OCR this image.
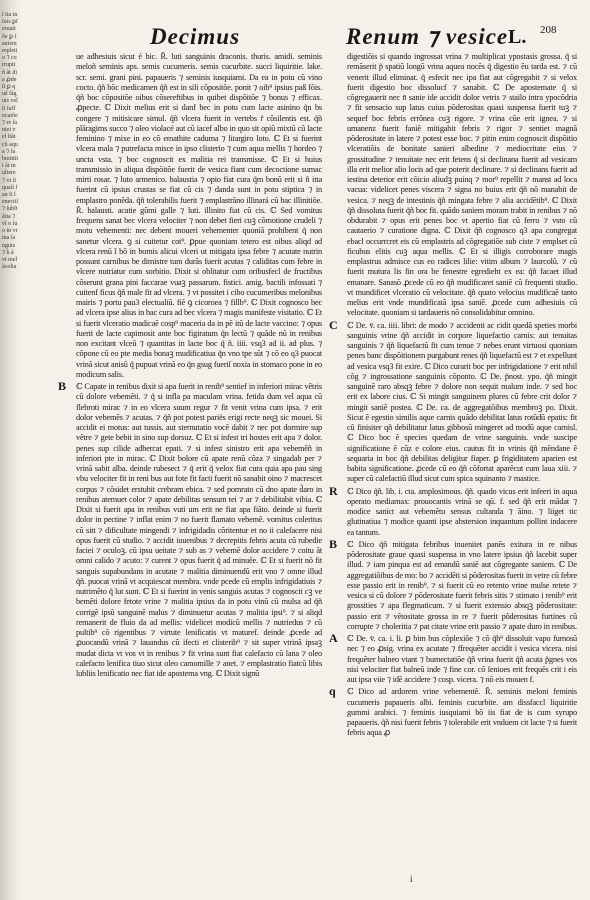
ſ ita in ſuis ꝑſeruatiõe ꝑ ſaniem repletio ⁊ corrupti ñ ãt dia ꝓdeſt ꝑ quẽ ſãguis vel ſi ſuffocatõe ⁊ re ſaniei vel ſtãt cũ aqua ⁊ ſubmittit i ãt muliere ⁊ vt ſi quaſi ſan ſi ſenectiſ ⁊ ſubſtãtia ⁊ vl o ſuo in vrina ſanguis ⁊ h ã vt melãcolia
Decimus	Renum ⁊ vesice L. 208
ue adhesiuis sicut é bic. R̃. luti sanguinis draconis. thuris. amidi. seminis meloñ seminis aps. semis cucumeris. semis cucurbite. succi liquiritie. lake. scr. semi. grani pini. papaueris ⁊ seminis iusquiami. Da ea in potu cũ vino cocto. q̃ñ bõc medicamen q̃ñ est in sili cõpositõe. ponit ⁊ oib⁹ ipsius paß fõis. q̃ñ boc cõpositõe oibus cõsereftibus in quibet dispõitõe ⁊ bonus ⁊ efficax. ꝓpecte. ℂ Dixit melius erit si danf bec in potu cum lacte asinino q̃n bs congere ⁊ mitisicare simul. q̃ñ vlcera fuerit in vertebs r̃ cõsilentis est. q̃ñ plãragims succo ⁊ oleo violacé aut cũ iacef albo in quo sit opiũ mixtũ cũ lacte feminino ⁊ mixe in eo cõ emathite caduma ⁊ litargiro loto. ℂ Et si fuerint vlcera mala ⁊ putrefacta misce in ipso clisterio ⁊ cum aqua mellis ⁊ hordeo ⁊ uncta vsta. ⁊ boc cognoscit ex malitia rei transmisse. ℂ Et si huius transmissio in aliqua dispõitõe fuerit de vesica fiant cum decoctione sumac mirti rosar. ⁊ luto armenico. balaustia ⁊ opio fiat cura q̃m bonũ erit si ñ itta fuerint cũ ipsius crustas se fiat cũ cis ⁊ danda sunt in potu stiptica ⁊ in emplastro ponẽda. q̃ñ tolerabilis fuerit ⁊ emplastrãno illinará cũ bac illinitiõe. R̃. balausti. acatie gũmi galle ⁊ luti. illinito fiat cũ cis. ℂ Sed vomitus frequens sanat bec vlcera velociter ⁊ non debet fieri cuꝫ cõmotione crudeli ⁊ motu vehementi: nec debent moueri vehementer quoniã prohibent q̃ non sanetur vlcera. ꝯ si cuitetur cot⁹. ꝑpue quoniam tetero est oibus aliqd ad vlcera renũ ĩ bõ in bomis alicui vlceri ut mitigata ipsa febre ⁊ acutate nutrin possunt carnibus be dimistre tum durãs fuerit acutas ⁊ caliditas cum febre in vlcere nutriatur cum sorbitio. Dixit si oblitatur cum oribusfecl de fructibus cõserunt grana pini faccarae vuaꝫ passarum. fistici. amig. bactili infossati ⁊ cuitenf ficus q̃ñ male fit ad vlcera. ⁊ vt possitet i cibo cucumeribus melonibus mairis ⁊ portu pau3 electualiũ. fiẽ ꝯ cicoroea ⁊ fillb⁹. ℂ Dixit cognosco bec ad vlcera ipse alius in bac cura ad bec vlcera ⁊ magis manifeste visitatio. ℂ Et si fuerit vlceratio madicaẽ cosp⁹ maceria da in pẽ itũ de lacte vaccino: ⁊ opus fuerit de lacte capimosit ante boc figiratum q̃n lectũ ⁊ quãde nũ in renibus non excitant vlceũ ⁊ quantitas in lacte boc q̃ ñ. iiii. vsq3 ad ii. ad plus. ⁊ cõpone cũ eo pte media bonaꝫ mudificatiua q̃n vno tpe sũt ⁊ cõ eo q3 puocat vrinã sicut anisũ q̃ pupuat vrinã eo q̃n gsug fueriſ noxia in stomaco pone in eo modicum salis.
B ℂ Capate in renibus dixit si apa fuerit in renib⁹ sentief in inferiori mirac vêtris cũ dolore vebemẽti. ⁊ q̃ si infla pa maculam vrina. fetida dum vel aqua cũ flebroti mirac ⁊ in eo vlcera suum regur ⁊ fit venit vrina cum ipsa. ⁊ erit dolor vebemẽs ⁊ acutas. ⁊ q̃ñ pot potest pariës erigi recte neqꝫ sic mouei. Si accidit ei motus: aut tussis. aut sternutatio vocẽ dabit ⁊ nec pot dormire sup vêtre ⁊ gete bebit in sino sup dorsuz. ℂ Et si infest tri hostes erit apa ⁊ dolor. penes sup cilide adbercat epati. ⁊ si infest sinistro erit apa vebemẽñ in inferiori pte in mirac. ℂ Dixit bolore cũ apate renũ cõza ⁊ singadab per ⁊ vrinã sabit alba. deinde rubesect ⁊ q̃ erit q̃ velox fiat cura quia apa pau sing vbu velociter fit in reni bus aut fote fit facti fuerit nõ sanabit oino ⁊ macrescet corpus ⁊ cõsidet erstubit crebram ebica. ⁊ sed pomrato cũ dno apate d̃aro in renibus atemuet color ⁊ apate debilitas sensum tei ⁊ ar ⁊ debilitabit vibia. ℂ Dixit si fuerit apa in renibus vuti um erit ne fiat apa fiãto. deinde si fuerit dolor in pectine ⁊ inflat enim ⁊ no fuerit flamato vebemẽ. vomitus coleritus cũ sitt ⁊ dificultate mingendi ⁊ infrigidadis cõritentur et no ii calefacere nisi opus fuerit cũ studio. ⁊ accidit iuuenibus ⁊ decrepitis febris acuta cũ rubedie faciei ⁊ oculoꝫ. cũ ipsu ueitate ⁊ sub as ⁊ vebemẽ dolor accidere ⁊ coitu ãt omni calido ⁊ acuto: ⁊ curent ⁊ opus fuerit q̃ ad minuẽe. ℂ Et si fuerit nõ fit sanguis supabundans in acutate ⁊ malitia diminuendũ erit vno ⁊ omne illud q̃ñ. puocat vrinã vt acquiescat membra. vnde pcede cũ emplis infrigidatiuis ⁊ nutrimẽto q̃ lut sunt. ℂ Et si fuerint in venis sanguis acutas ⁊ cognoscit cꝫ ve bemẽti dolore fetote vrine ⁊ malitia ipsius da in potu vinũ cũ mulsa ad q̃ñ corrigẽ ipsũ sanguinẽ malus ⁊ diminuetur acutas ⁊ malitia ipsi⁹. ⁊ si aliqd remanerit de fluio da ad mellis: videlicet modicũ mellis ⁊ nutriedus ⁊ cũ pultib⁹ cõ rigentibus ⁊ virtute lenificatis vt maturef. deinde ꝓcede ad ꝓuocandũ vrinã ⁊ lauandus cũ ifecti et clisterib⁹ ⁊ sit super vtrinã ipsaꝫ mudat dicta vt vos vt in renibus ⁊ fit vrina sunt fiat calefacto cũ lana ⁊ oleo calefacto lenifica tiuo sicut oleo camomille ⁊ anet. ⁊ emplastratio fiatcũ libis lubliis lenificatio nec fiat ide apostema vng. ℂ Dixit signũ
digestiõis si quando ingrossat vrina ⁊ multiplicat ypostasis grossa. q̃ si remãserit p̃ spatiũ longũ vrina aquea nocẽs q̃ digestio ẽu tarda est. ⁊ cũ venerit illud eliminat. q̃ esfecit nec ipa fiat aut cõgregabit ⁊ si velox fuerit digestio boc dissolucf ⁊ sanabit. ℂ De apostemate q̃ si cõgregauerit nec n̄ sanie ide accidit dolor vetris ⁊ stailo intra ypocõdria ⁊ fit sensacio sup latus cuius põderositas quasi suspensa fuerit tuꝫ ⁊ sequef boc febris errõnea cuꝫ rigore. ⁊ vrina cũe erit ignea. ⁊ si umanenz fuerit faniẽ mitigabit febris ⁊ rigor ⁊ sentiet magnã põderositate in latere ⁊ potest esse boc. ⁊ pitin enim cognoscit dispõitio vlceratiõis de bonitate sanieri albedine ⁊ mediocritate eius ⁊ grossitudine ⁊ tenuitate nec erit fetens q̃ si declinana fuerit ad vesicam illa erit melior alio locis ad que poterit declinare. ⁊ si declinans fuerit ad iestina deterior erit cõicio aliudꝫ puinq ⁊ mor⁹ repellit ⁊ manst ad loca vacua: videlicet penes viscera ⁊ signa no buius erit q̃ñ nõ manabit de vesica. ⁊ neqꝫ de intestinis q̃ñ mingata febre ⁊ alia accidẽtib⁹. ℂ Dixit q̃ñ dissoluta fuerit q̃ñ boc fit. quãdo saniem moram trabit in renibus ⁊ nõ obdurabit ⁊ opus erit penes boc vt apertio fiat cũ ferro ⁊ vsto cũ cautaerio ⁊ curatione digna. ℂ Dixit q̃ñ cognosco q3 apa congregat ebacl occurrcret eis cũ emplastris ad cõgregatiõe sub ciste ⁊ emplset cũ ficubus elitis cuꝫ aqua mellis. ℂ Et si illigis corroborare magis emplastrus admisce cus eo radices lilie: vitim album ⁊ laurcolũ. ⁊ cũ fuerit mutura lis fin ora be fenestre egredieht ex ea: q̃ñ facaet illud emanare. Sanasõ ꝓcede cũ eo q̃ñ mudificaret saniẽ cũ frequenti studio. vt mundificet vlceratio cũ velocitate. q̃ñ quato velocius mudificaẽ tanto melius erit vnde mundificatã ipsa saniẽ. ꝓcede cum adhesiuis cũ velocitate. quoniam si tardaueris nõ consolidabitur omnino.
C ℂ De. v̄. ca. iiii. libri: de modo ⁊ accidenti ac cidit quedã speties morbi sanguinis vrine q̃ñ accidit in corpore liquefactio carnis: aut tenuitas sanguinis ⁊ q̃ñ liquefactũ fit cum tenue ⁊ nebes erunt virtuosi quoniam penes banc dispõitionem purgabunt renes q̃ñ liquefactũ est ⁊ et expellunt ad vesica vsq3 fit exire. ℂ Dico curarit boc per infrigidatione ⁊ erit nthil cõg ⁊ ingrossatione sanguinis cõponto. ℂ De. p̃nost. ypo. q̃ñ mingit sanguinẽ raro absqꝫ febre ⁊ dolore non sequit malum inde. ⁊ sed boc erit ex labore cius. ℂ Si mingit sanguinem plures cũ febre crit dolor ⁊ mingit saniẽ postea. ℂ De. ca. de aggregatõibus membroꝫ po. Dixit. Sicut ẽ egestio similis aque carnis quãdo debilitat latus rotũdũ epatis: fit cũ finisiter qñ debilitatur latus gibbosũ mingeret ad modũ aque carnisl. ℂ Dico boc ẽ species quedam de vrine sanguinis. vnde suscipe significatione ẽ cũz e colore eius. cautus fit in vrinis q̃ñ mẽndane ẽ sequaria in boc q̃ñ debilitas deligitur fiaper. ꝑ frigiditatem aparien est babita significatione. ꝓcede cũ eo q̃ñ cõfortat aparẽcut cum laua xiii. ⁊ super cũ calefactiũ illud sicut cum spica squinanto ⁊ mastice.
R ℂ Dico q̃ñ. lib. i. cta. amplosimous. q̃ñ. quado vicus erit infeeri in aqua operato mediamax: prouocantis vrinã se qũ. f. sed q̃ñ erit mãdat ⁊ modice sanict aut vebemẽtu sensus cultanda ⁊ ãino. ⁊ liiget tic glutinatiua ⁊ modice quanti ipse abstersion inquantum pollint indacere ea tantum.
B ℂ Dico q̃ñ mitigata febribus inuenitet panẽs exitura in re nibus põderositate graue quasi suspensa in vno latere ipsius q̃ñ lacebit super illud. ⁊ iam pinqua est ad emandũ saniẽ aut cõgregante saniem. ℂ De aggregatiõibus de mo: bo ⁊ accidẽti si põderositas fuerit in vetre cũ febre esse passio erit in renib⁹. ⁊ si fuerit cũ eo retento vrine mulse retete ⁊ vesica si cũ dolore ⁊ põderositate fuerit febris sitis ⁊ stimato i renib⁹ erit grossities ⁊ apa flegmaticum. ⁊ si fuerit extensio absqꝫ põderositate: passio erit ⁊ vẽtositate grossa in re ⁊ fuerit põderositas furtines cũ corrupte ⁊ choleritia ⁊ pat citate vrine erit passio ⁊ apate duro in renibus.
A ℂ De. v̄. ca. i. li. ꝑ bim bus cõplexiõe ⁊ cõ q̃b⁹ dissoluit vapo fumosũ nec ⁊ eo ꝓsig. vrina ex acutate ⁊ ffrequẽter accidit i vesica vicera. nisi frequẽter balneo vtant ⁊ bumectatiõe q̃ñ vrina fuerit q̃ñ acuta p̃gnes vos nisi velociter fiat balneũ inde ⁊ fine cor. cõ ſenioes erit frequẽs crit i eis aut ipsa viie ⁊ idẽ accidere ⁊ cosp. vicera. ⁊ nõ eis mouen f.
q ℂ Dico ad ardorem vrine vebementẽ. R̃. seminis meloni feminis cucumeris papaueris albi. feminis cucurbite. am dissfaccl liquiritie gummi arabici. ⁊ feminis iusquiami bõ iis fiat de is cum syrupo papaueris. q̃ñ nisi fuerit febris ⁊ tolerabile erit vnduem cit lacte ⁊ si fuerit febris aqua ꝓ
i
